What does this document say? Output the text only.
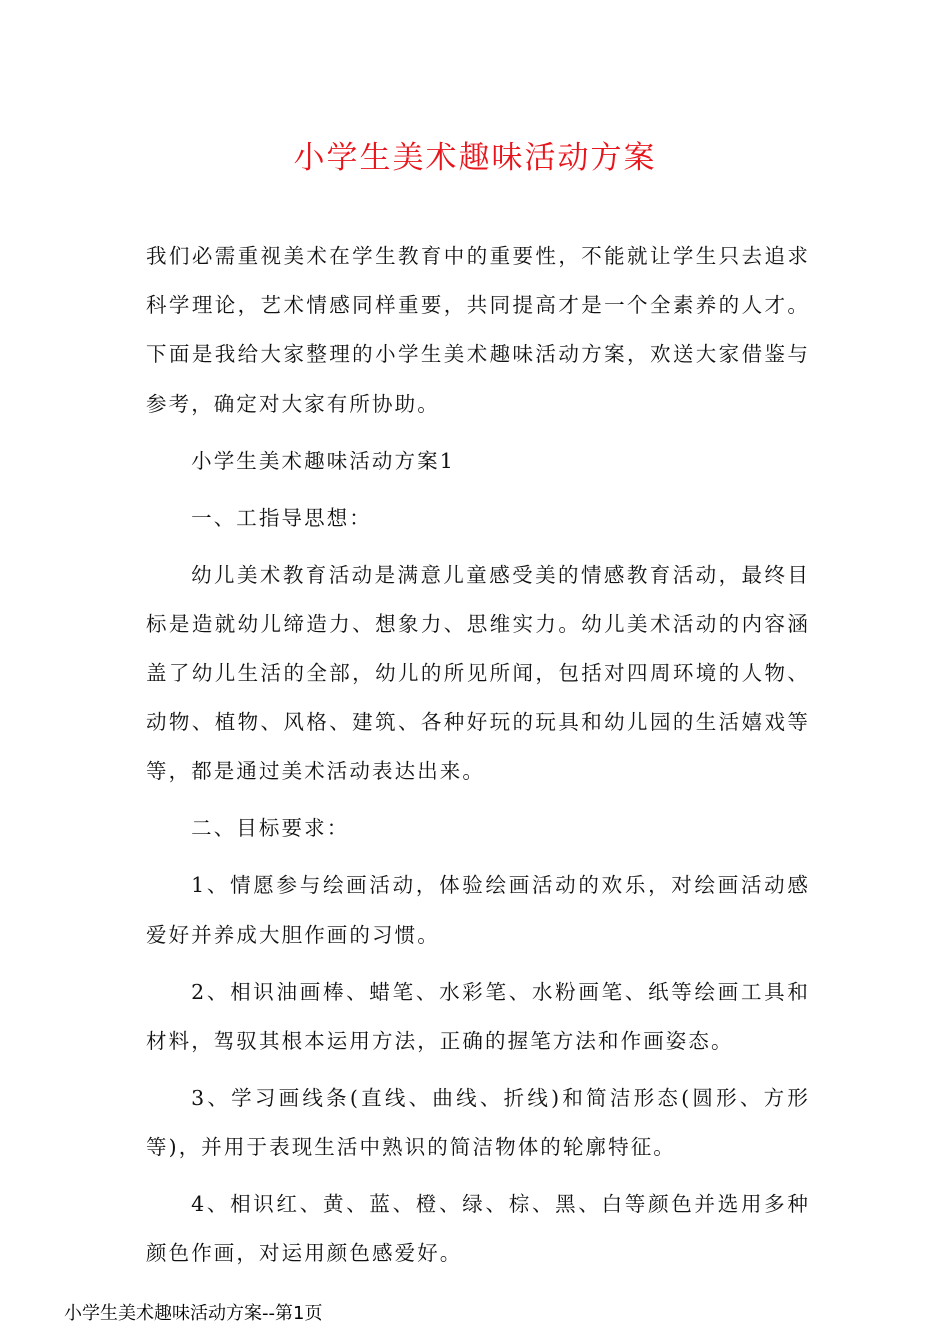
小学生美术趣味活动方案

我们必需重视美术在学生教育中的重要性，不能就让学生只去追求科学理论，艺术情感同样重要，共同提高才是一个全素养的人才。下面是我给大家整理的小学生美术趣味活动方案，欢送大家借鉴与参考，确定对大家有所协助。

小学生美术趣味活动方案1

一、工指导思想：

幼儿美术教育活动是满意儿童感受美的情感教育活动，最终目标是造就幼儿缔造力、想象力、思维实力。幼儿美术活动的内容涵盖了幼儿生活的全部，幼儿的所见所闻，包括对四周环境的人物、动物、植物、风格、建筑、各种好玩的玩具和幼儿园的生活嬉戏等等，都是通过美术活动表达出来。

二、目标要求：

1、情愿参与绘画活动，体验绘画活动的欢乐，对绘画活动感爱好并养成大胆作画的习惯。

2、相识油画棒、蜡笔、水彩笔、水粉画笔、纸等绘画工具和材料，驾驭其根本运用方法，正确的握笔方法和作画姿态。

3、学习画线条(直线、曲线、折线)和简洁形态(圆形、方形等)，并用于表现生活中熟识的简洁物体的轮廓特征。

4、相识红、黄、蓝、橙、绿、棕、黑、白等颜色并选用多种颜色作画，对运用颜色感爱好。

小学生美术趣味活动方案--第1页
